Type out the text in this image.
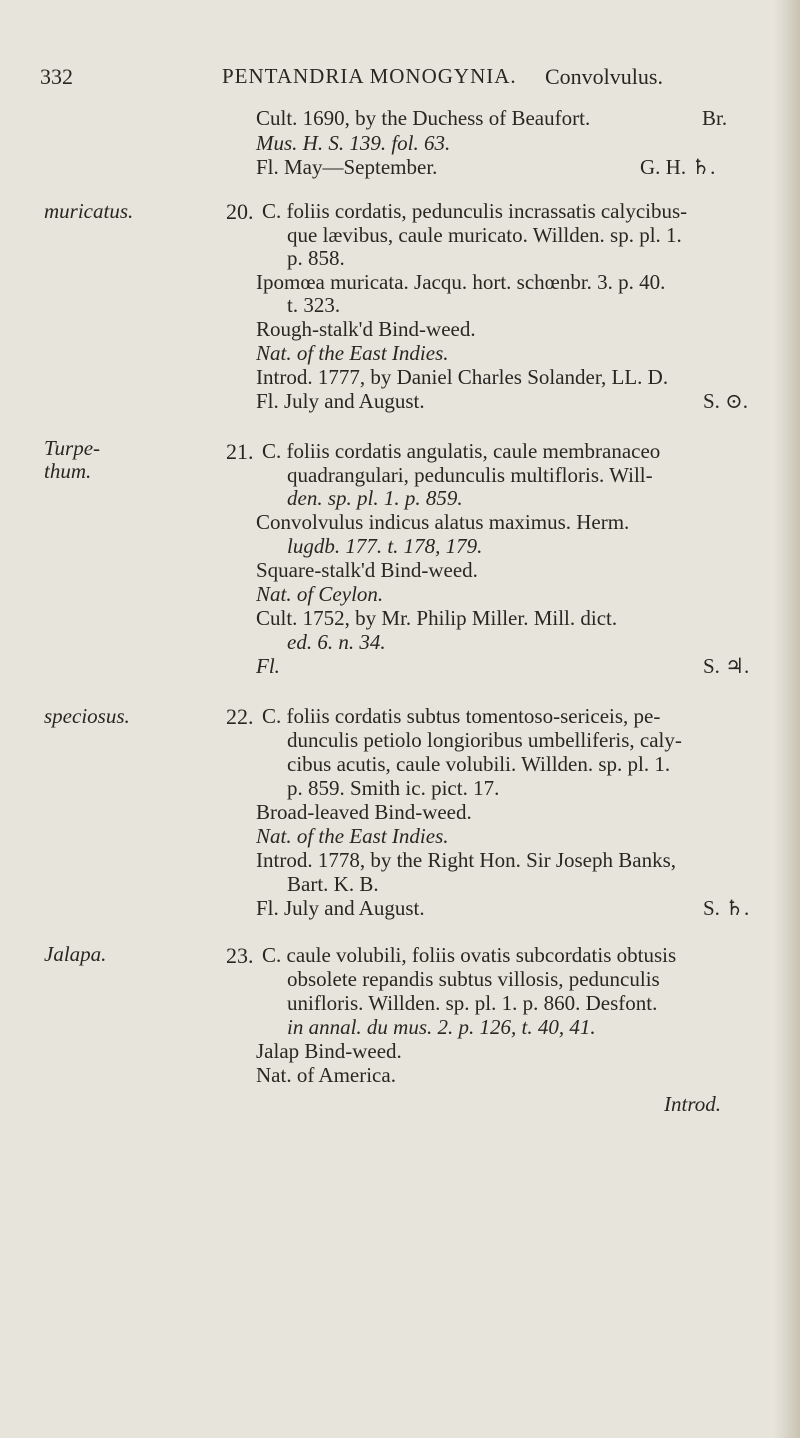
332	PENTANDRIA MONOGYNIA. Convolvulus.
Cult. 1690, by the Duchess of Beaufort.	Br.
Mus. H. S. 139. fol. 63.
Fl. May—September.	G. H. ♄.
muricatus.	20. C. foliis cordatis, pedunculis incrassatis calycibus-
que lævibus, caule muricato. Willden. sp. pl. 1.
p. 858.
Ipomœa muricata. Jacqu. hort. schœnbr. 3. p. 40.
t. 323.
Rough-stalk'd Bind-weed.
Nat. of the East Indies.
Introd. 1777, by Daniel Charles Solander, LL. D.
Fl. July and August.	S. ⊙.
Turpe-
thum.
21. C. foliis cordatis angulatis, caule membranaceo
quadrangulari, pedunculis multifloris. Will-
den. sp. pl. 1. p. 859.
Convolvulus indicus alatus maximus. Herm.
lugdb. 177. t. 178, 179.
Square-stalk'd Bind-weed.
Nat. of Ceylon.
Cult. 1752, by Mr. Philip Miller. Mill. dict.
ed. 6. n. 34.
Fl.	S. ♃.
speciosus.	22. C. foliis cordatis subtus tomentoso-sericeis, pe-
dunculis petiolo longioribus umbelliferis, caly-
cibus acutis, caule volubili. Willden. sp. pl. 1.
p. 859. Smith ic. pict. 17.
Broad-leaved Bind-weed.
Nat. of the East Indies.
Introd. 1778, by the Right Hon. Sir Joseph Banks,
Bart. K. B.
Fl. July and August.	S. ♄.
Jalapa.	23. C. caule volubili, foliis ovatis subcordatis obtusis
obsolete repandis subtus villosis, pedunculis
unifloris. Willden. sp. pl. 1. p. 860. Desfont.
in annal. du mus. 2. p. 126, t. 40, 41.
Jalap Bind-weed.
Nat. of America.
Introd.
